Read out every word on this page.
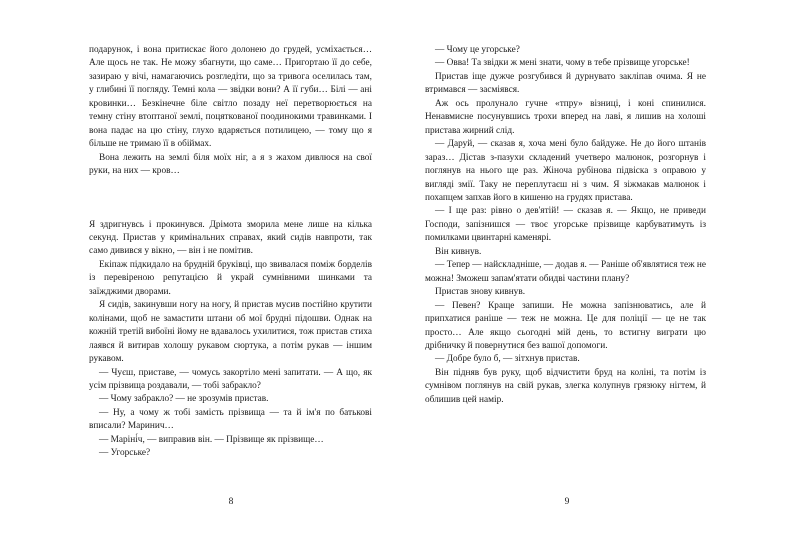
подарунок, і вона притискає його долонею до грудей, усміхається… Але щось не так. Не можу збагнути, що саме… Пригортаю її до себе, зазираю у вічі, намагаючись розгледіти, що за тривога оселилась там, у глибині її погляду. Темні кола — звідки вони? А її губи… Білі — ані кровинки… Безкінечне біле світло позаду неї перетворюється на темну стіну втоптаної землі, поцяткованої поодинокими травинками. І вона падає на цю стіну, глухо вдаряється потилицею, — тому що я більше не тримаю її в обіймах.

Вона лежить на землі біля моїх ніг, а я з жахом дивлюся на свої руки, на них — кров…

Я здригнувсь і прокинувся. Дрімота зморила мене лише на кілька секунд. Пристав у кримінальних справах, який сидів навпроти, так само дивився у вікно, — він і не помітив.

Екіпаж підкидало на брудній бруківці, що звивалася поміж борделів із перевіреною репутацією й украй сумнівними шинками та заїжджими дворами.

Я сидів, закинувши ногу на ногу, й пристав мусив постійно крутити колінами, щоб не замастити штани об мої брудні підошви. Однак на кожній третій вибоїні йому не вдавалось ухилитися, тож пристав стиха лаявся й витирав холошу рукавом сюртука, а потім рукав — іншим рукавом.

— Чуєш, приставе, — чомусь закортіло мені запитати. — А що, як усім прізвища роздавали, — тобі забракло?

— Чому забракло? — не зрозумів пристав.

— Ну, а чому ж тобі замість прізвища — та й ім'я по батькові вписали? Маринич…

— Маріні́ч, — виправив він. — Прізвище як прізвище…

— Угорське?

8

— Чому це угорське?

— Овва! Та звідки ж мені знати, чому в тебе прізвище угорське!

Пристав іще дужче розгубився й дурнувато закліпав очима. Я не втримався — засміявся.

Аж ось пролунало гучне «тпру» візниці, і коні спинилися. Ненавмисне посунувшись трохи вперед на лаві, я лишив на холоші пристава жирний слід.

— Даруй, — сказав я, хоча мені було байдуже. Не до його штанів зараз… Дістав з-пазухи складений учетверо малюнок, розгорнув і поглянув на нього ще раз. Жіноча рубінова підвіска з оправою у вигляді змії. Таку не переплутаєш ні з чим. Я зіжмакав малюнок і похапцем запхав його в кишеню на грудях пристава.

— І ще раз: рівно о дев'ятій! — сказав я. — Якщо, не приведи Господи, запізнишся — твоє угорське прізвище карбуватимуть із помилками цвинтарні каменярі.

Він кивнув.

— Тепер — найскладніше, — додав я. — Раніше об'являтися теж не можна! Зможеш запам'ятати обидві частини плану?

Пристав знову кивнув.

— Певен? Краще запиши. Не можна запізнюватись, але й припхатися раніше — теж не можна. Це для поліції — це не так просто… Але якщо сьогодні мій день, то встигну виграти цю дрібничку й повернутися без вашої допомоги.

— Добре було б, — зітхнув пристав.

Він підняв був руку, щоб відчистити бруд на коліні, та потім із сумнівом поглянув на свій рукав, злегка колупнув грязюку нігтем, й облишив цей намір.

9
